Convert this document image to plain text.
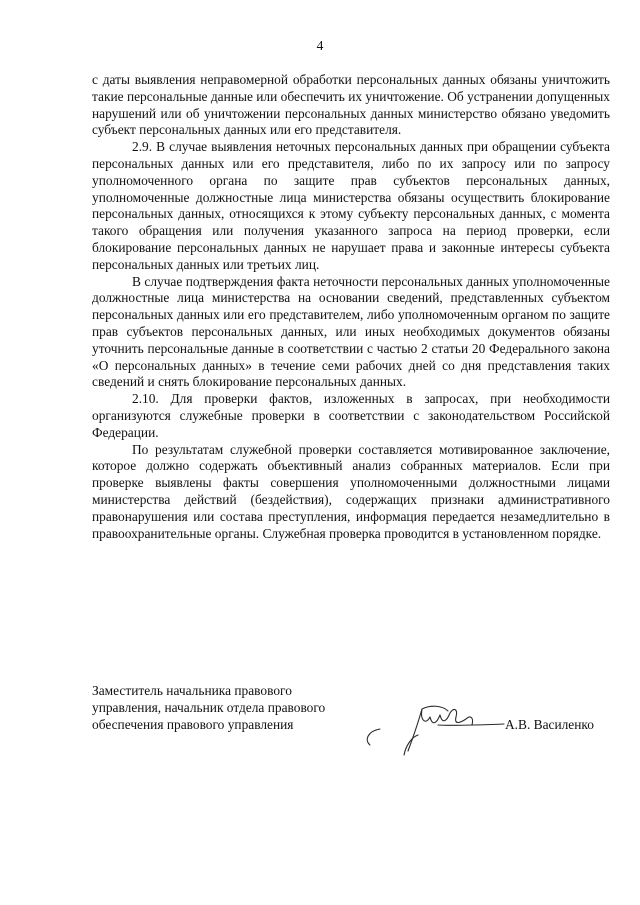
4

с даты выявления неправомерной обработки персональных данных обязаны уничтожить такие персональные данные или обеспечить их уничтожение. Об устранении допущенных нарушений или об уничтожении персональных данных министерство обязано уведомить субъект персональных данных или его представителя.

2.9. В случае выявления неточных персональных данных при обращении субъекта персональных данных или его представителя, либо по их запросу или по запросу уполномоченного органа по защите прав субъектов персональных данных, уполномоченные должностные лица министерства обязаны осуществить блокирование персональных данных, относящихся к этому субъекту персональных данных, с момента такого обращения или получения указанного запроса на период проверки, если блокирование персональных данных не нарушает права и законные интересы субъекта персональных данных или третьих лиц.

В случае подтверждения факта неточности персональных данных уполномоченные должностные лица министерства на основании сведений, представленных субъектом персональных данных или его представителем, либо уполномоченным органом по защите прав субъектов персональных данных, или иных необходимых документов обязаны уточнить персональные данные в соответствии с частью 2 статьи 20 Федерального закона «О персональных данных» в течение семи рабочих дней со дня представления таких сведений и снять блокирование персональных данных.

2.10. Для проверки фактов, изложенных в запросах, при необходимости организуются служебные проверки в соответствии с законодательством Российской Федерации.

По результатам служебной проверки составляется мотивированное заключение, которое должно содержать объективный анализ собранных материалов. Если при проверке выявлены факты совершения уполномоченными должностными лицами министерства действий (бездействия), содержащих признаки административного правонарушения или состава преступления, информация передается незамедлительно в правоохранительные органы. Служебная проверка проводится в установленном порядке.

Заместитель начальника правового
управления, начальник отдела правового
обеспечения правового управления	А.В. Василенко
